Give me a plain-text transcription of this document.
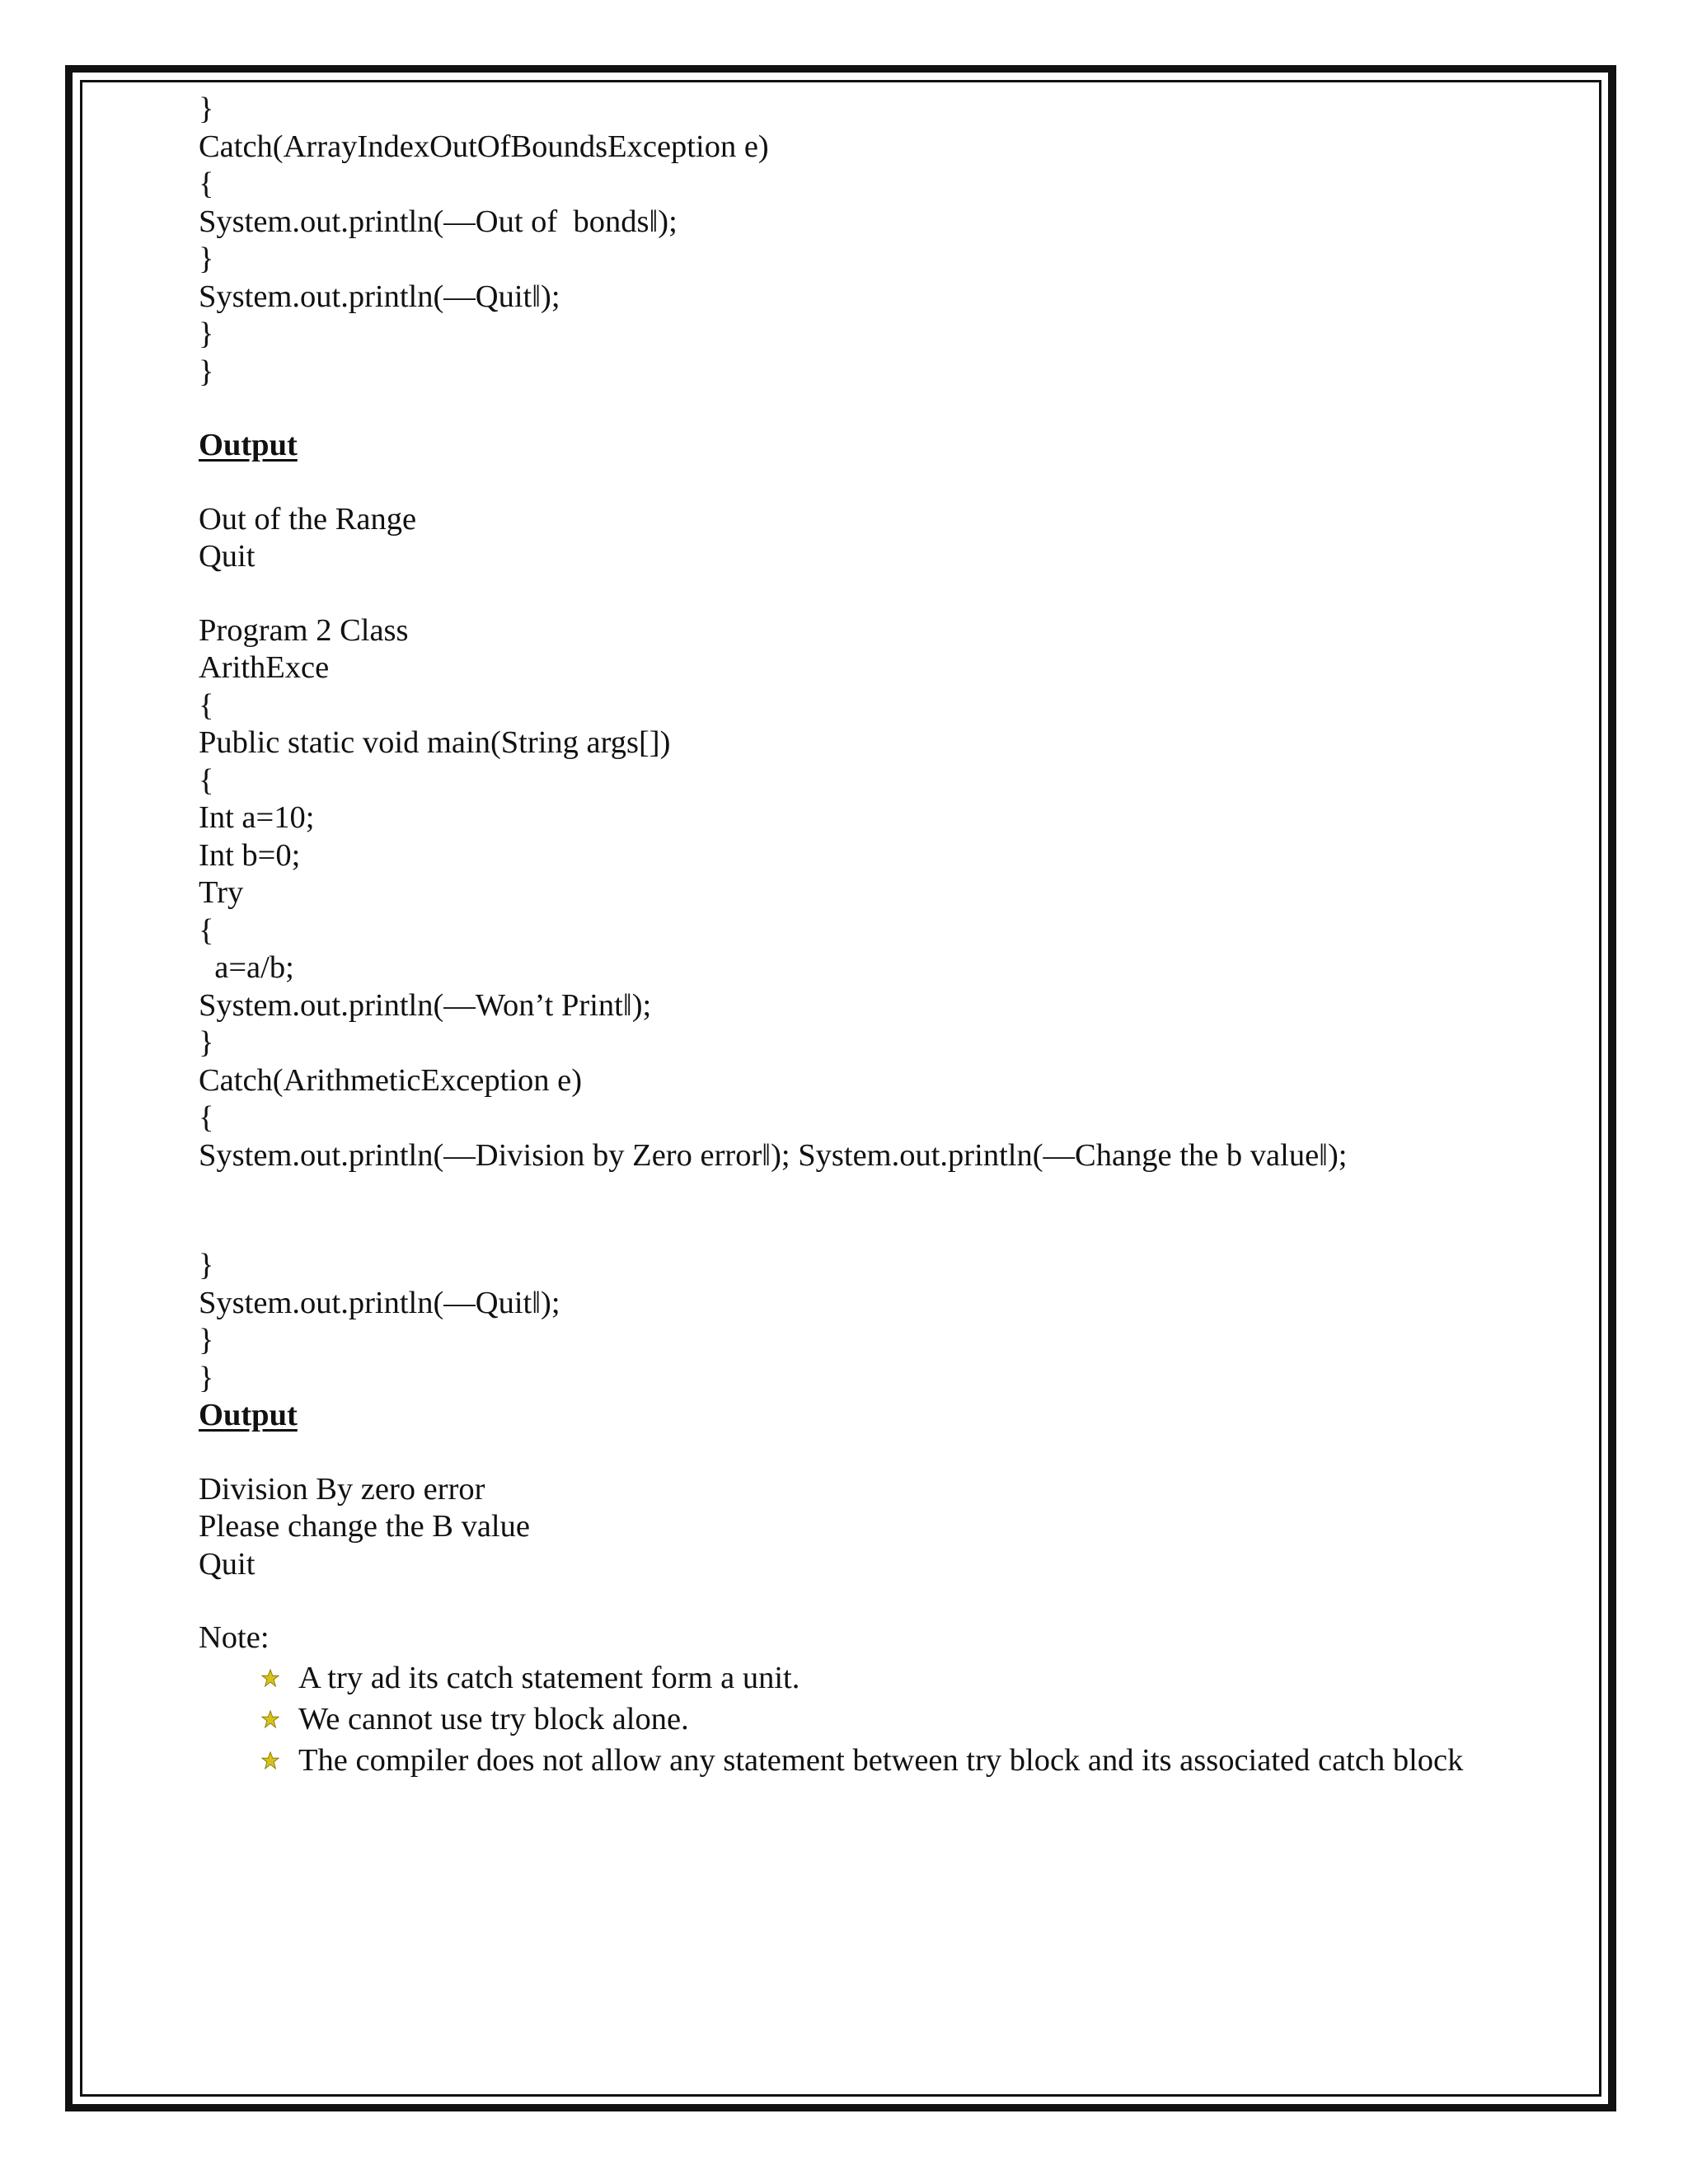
}

Catch(ArrayIndexOutOfBoundsException e)

{

System.out.println(―Out of  bonds‖);

}

System.out.println(―Quit‖);

}

}

Output

Out of the Range

Quit

Program 2 Class

ArithExce

{

Public static void main(String args[])

{

Int a=10;

Int b=0;

Try

{

a=a/b;

System.out.println(―Won’t Print‖);

}

Catch(ArithmeticException e)

{

System.out.println(―Division by Zero error‖); System.out.println(―Change the b value‖);

}

System.out.println(―Quit‖);

}

}

Output

Division By zero error

Please change the B value

Quit

Note:

A try ad its catch statement form a unit.
We cannot use try block alone.
The compiler does not allow any statement between try block and its associated catch block
